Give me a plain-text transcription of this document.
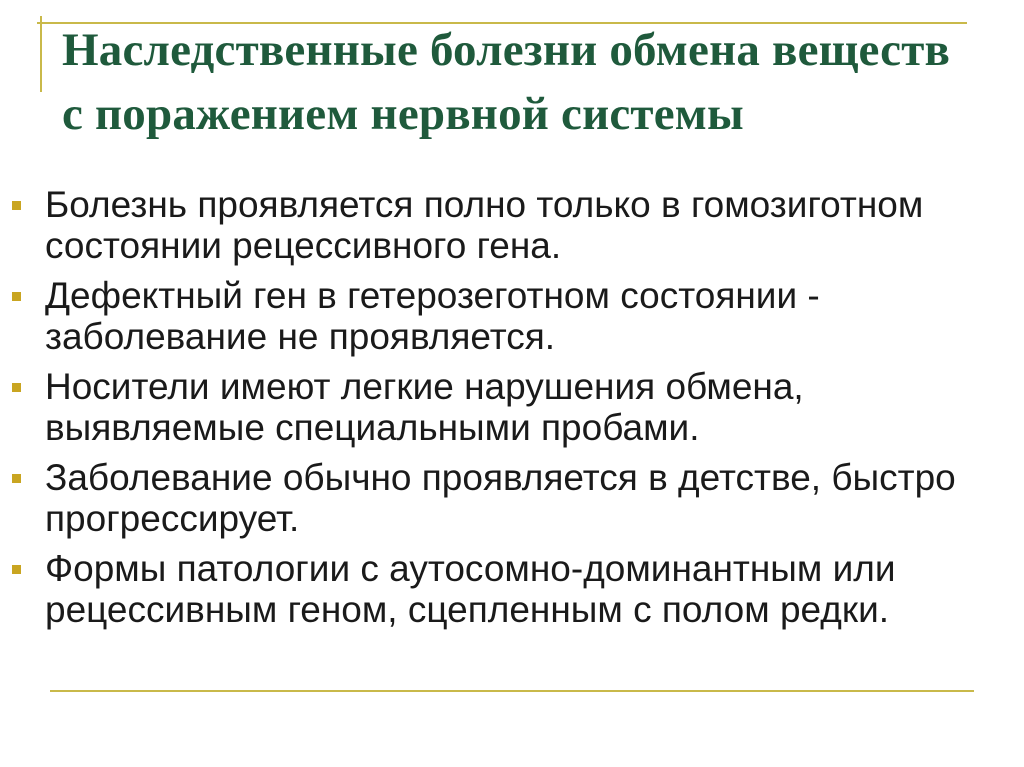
Наследственные болезни обмена веществ с поражением нервной системы
Болезнь проявляется полно только в гомозиготном состоянии рецессивного гена.
Дефектный ген в гетерозеготном состоянии - заболевание не проявляется.
Носители имеют легкие нарушения обмена, выявляемые специальными пробами.
Заболевание обычно проявляется в детстве, быстро прогрессирует.
Формы патологии с аутосомно-доминантным или рецессивным геном, сцепленным с полом редки.
